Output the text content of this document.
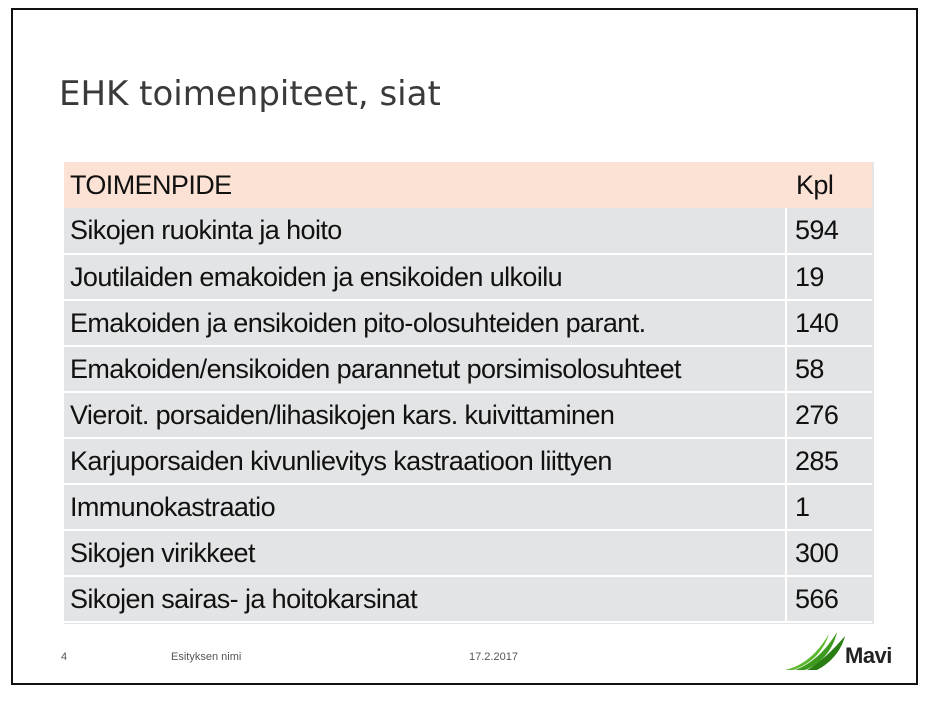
EHK toimenpiteet, siat
TOIMENPIDE	Kpl
Sikojen ruokinta ja hoito	594
Joutilaiden emakoiden ja ensikoiden ulkoilu	19
Emakoiden ja ensikoiden pito-olosuhteiden parant.	140
Emakoiden/ensikoiden parannetut porsimisolosuhteet	58
Vieroit. porsaiden/lihasikojen kars. kuivittaminen	276
Karjuporsaiden kivunlievitys kastraatioon liittyen	285
Immunokastraatio	1
Sikojen virikkeet	300
Sikojen sairas- ja hoitokarsinat	566
4	Esityksen nimi	17.2.2017	Mavi
